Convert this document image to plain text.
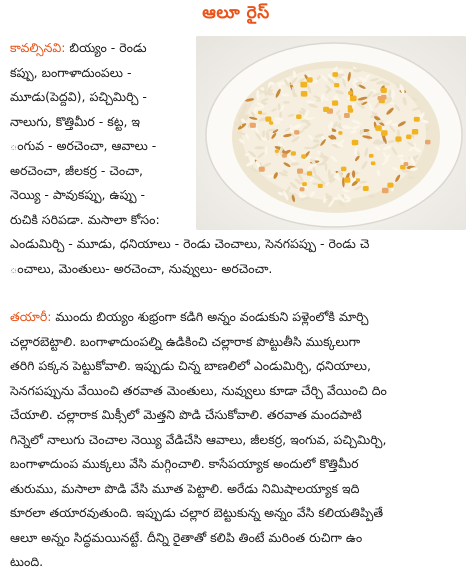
ఆలూ రైస్
కావల్సినవి: బియ్యం - రెండు
కప్పు, బంగాళాదుంపలు -
మూడు(పెద్దవి), పచ్చిమిర్చి -
నాలుగు, కొత్తిమీర - కట్ట, ఇ
ంగువ - అరచెంచా, ఆవాలు -
అరచెంచా, జీలకర్ర - చెంచా,
నెయ్యి - పావుకప్పు, ఉప్పు -
రుచికి సరిపడా. మసాలా కోసం:
ఎండుమిర్చి - మూడు, ధనియాలు - రెండు చెంచాలు, సెనగపప్పు - రెండు చె
ంచాలు, మెంతులు- అరచెంచా, నువ్వులు- అరచెంచా.
తయారీ: ముందు బియ్యం శుభ్రంగా కడిగి అన్నం వండుకుని పళ్లెంలోకి మార్చి
చల్లారబెట్టాలి. బంగాళాదుంపల్ని ఉడికించి చల్లారాక పొట్టుతీసి ముక్కలుగా
తరిగి పక్కన పెట్టుకోవాలి. ఇప్పుడు చిన్న బాణలిలో ఎండుమిర్చి, ధనియాలు,
సెనగపప్పును వేయించి తరవాత మెంతులు, నువ్వులు కూడా చేర్చి వేయించి దిం
చేయాలి. చల్లారాక మిక్సీలో మెత్తని పొడి చేసుకోవాలి. తరవాత మందపాటి
గిన్నెలో నాలుగు చెంచాల నెయ్యి వేడిచేసి ఆవాలు, జీలకర్ర, ఇంగువ, పచ్చిమిర్చి,
బంగాళాదుంప ముక్కలు వేసి మగ్గించాలి. కాసేపయ్యాక అందులో కొత్తిమీర
తురుము, మసాలా పొడి వేసి మూత పెట్టాలి. అరేడు నిమిషాలయ్యాక ఇది
కూరలా తయారవుతుంది. ఇప్పుడు చల్లార బెట్టుకున్న అన్నం వేసి కలియతిప్పితే
ఆలూ అన్నం సిద్ధమయినట్టే. దీన్ని రైతాతో కలిపి తింటే మరింత రుచిగా ఉం
టుంది.
